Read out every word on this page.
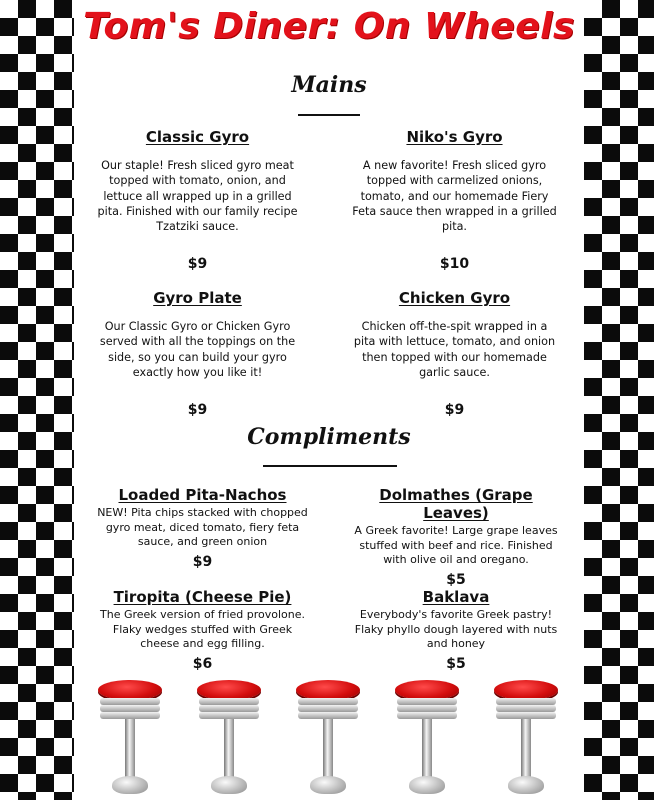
Tom's Diner: On Wheels
Mains
Classic Gyro
Our staple! Fresh sliced gyro meat topped with tomato, onion, and lettuce all wrapped up in a grilled pita. Finished with our family recipe Tzatziki sauce.
$9
Niko's Gyro
A new favorite! Fresh sliced gyro topped with carmelized onions, tomato, and our homemade Fiery Feta sauce then wrapped in a grilled pita.
$10
Gyro Plate
Our Classic Gyro or Chicken Gyro served with all the toppings on the side, so you can build your gyro exactly how you like it!
$9
Chicken Gyro
Chicken off-the-spit wrapped in a pita with lettuce, tomato, and onion then topped with our homemade garlic sauce.
$9
Compliments
Loaded Pita-Nachos
NEW! Pita chips stacked with chopped gyro meat, diced tomato, fiery feta sauce, and green onion
$9
Dolmathes (Grape Leaves)
A Greek favorite! Large grape leaves stuffed with beef and rice. Finished with olive oil and oregano.
$5
Tiropita (Cheese Pie)
The Greek version of fried provolone. Flaky wedges stuffed with Greek cheese and egg filling.
$6
Baklava
Everybody's favorite Greek pastry! Flaky phyllo dough layered with nuts and honey
$5
